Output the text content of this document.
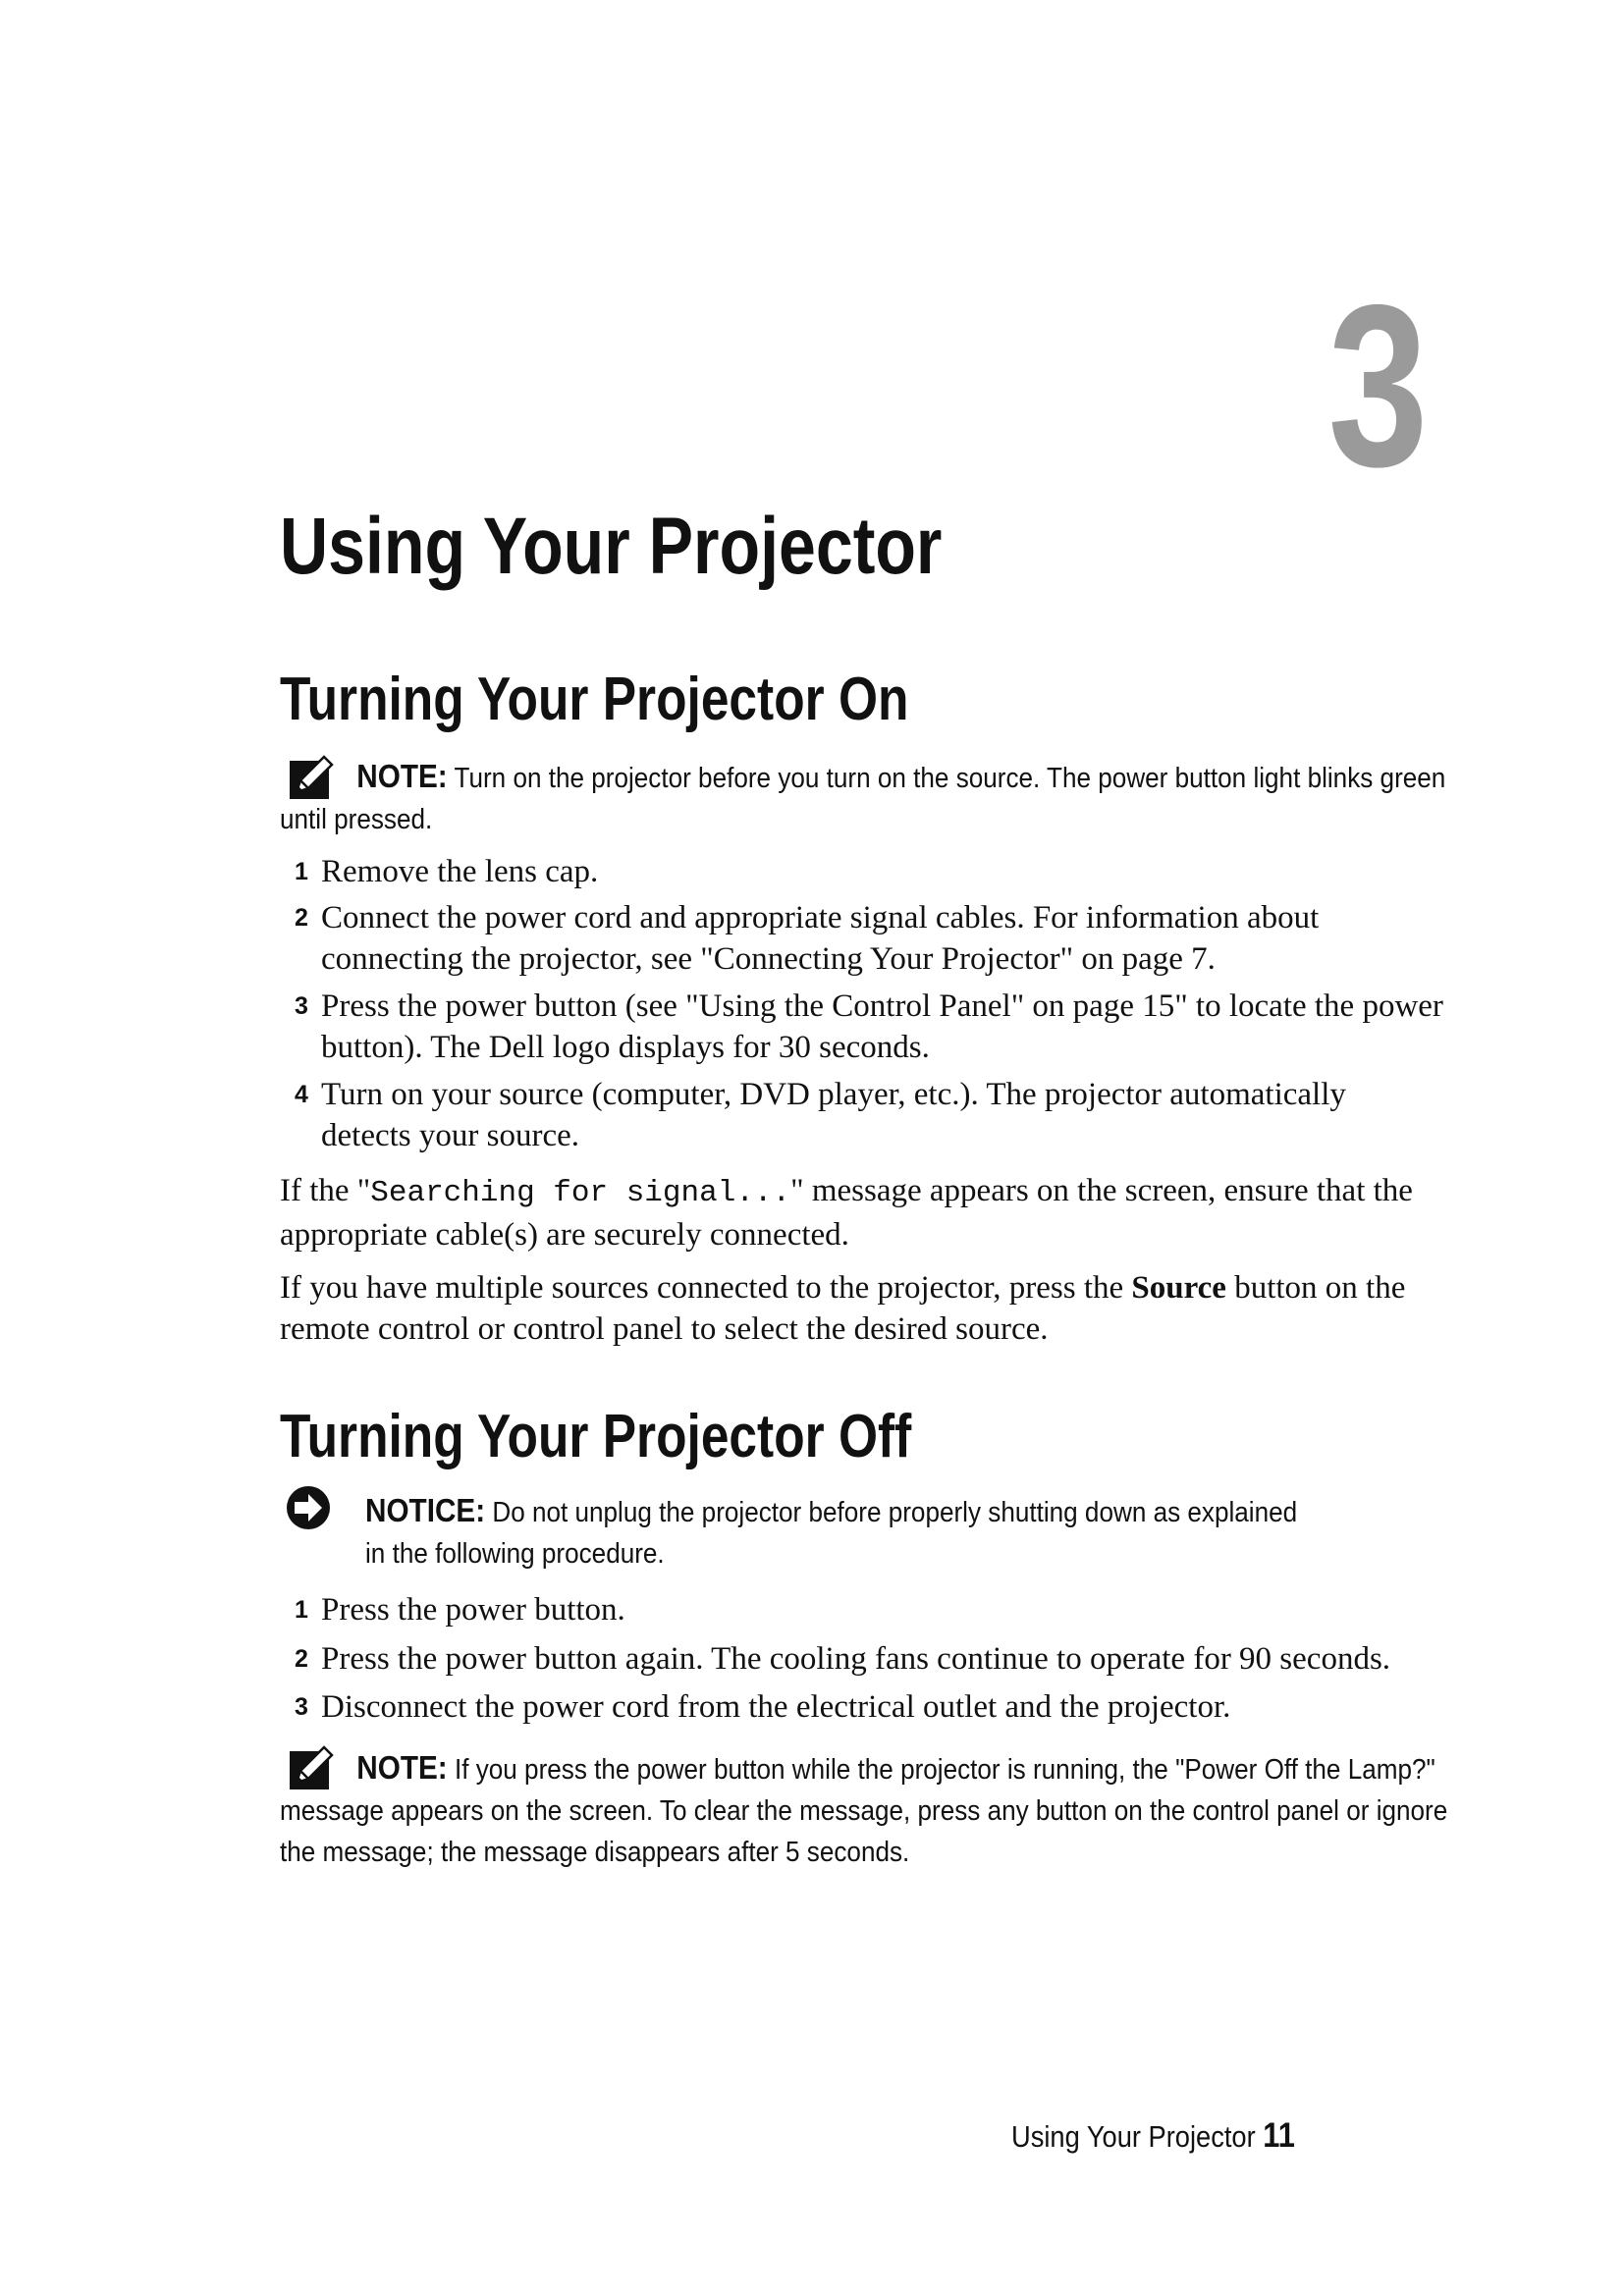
3
Using Your Projector
Turning Your Projector On
NOTE: Turn on the projector before you turn on the source. The power button light blinks green until pressed.
1 Remove the lens cap.
2 Connect the power cord and appropriate signal cables. For information about connecting the projector, see "Connecting Your Projector" on page 7.
3 Press the power button (see "Using the Control Panel" on page 15" to locate the power button). The Dell logo displays for 30 seconds.
4 Turn on your source (computer, DVD player, etc.). The projector automatically detects your source.
If the "Searching for signal..." message appears on the screen, ensure that the appropriate cable(s) are securely connected.
If you have multiple sources connected to the projector, press the Source button on the remote control or control panel to select the desired source.
Turning Your Projector Off
NOTICE: Do not unplug the projector before properly shutting down as explained in the following procedure.
1 Press the power button.
2 Press the power button again. The cooling fans continue to operate for 90 seconds.
3 Disconnect the power cord from the electrical outlet and the projector.
NOTE: If you press the power button while the projector is running, the "Power Off the Lamp?" message appears on the screen. To clear the message, press any button on the control panel or ignore the message; the message disappears after 5 seconds.
Using Your Projector 11
